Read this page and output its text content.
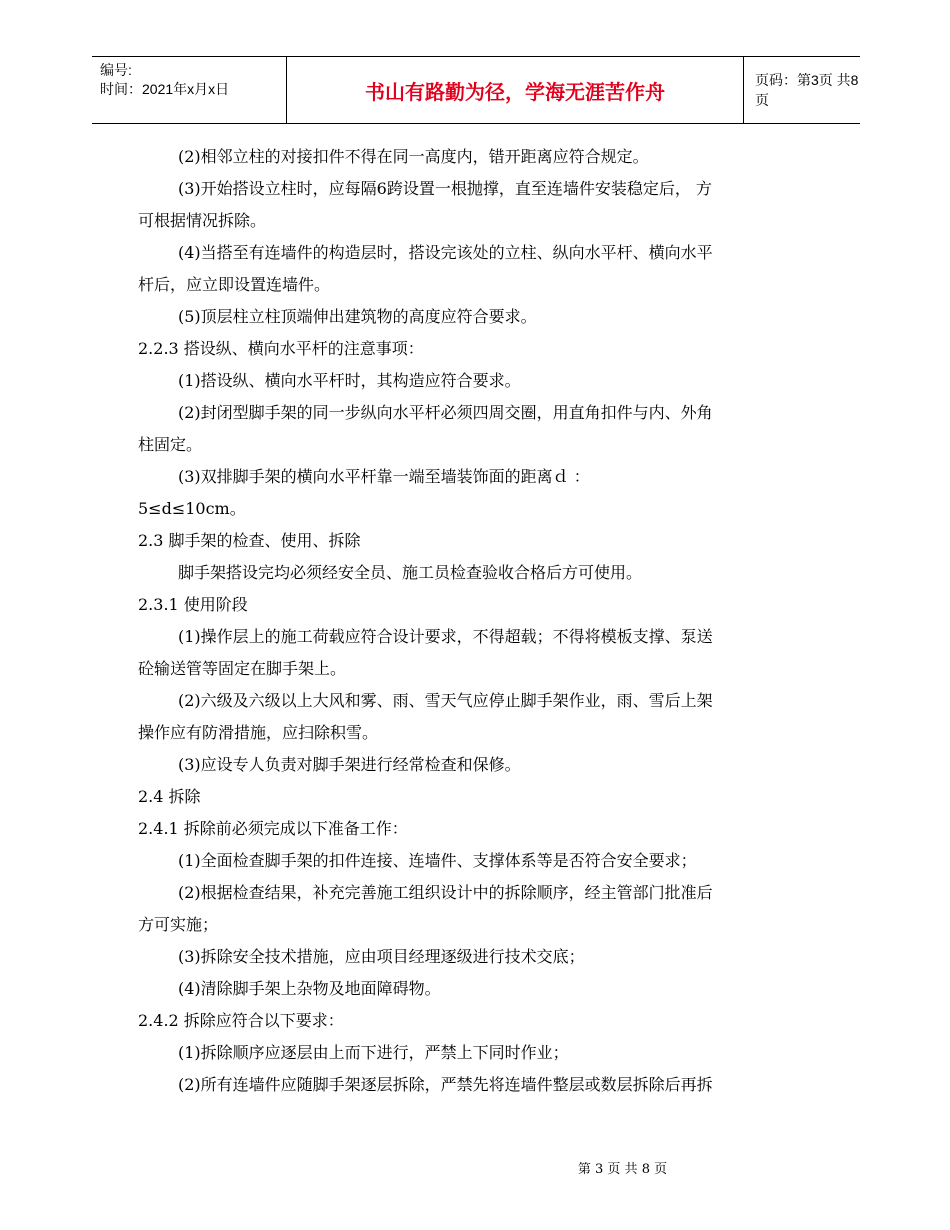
编号:
时间：2021年x月x日	书山有路勤为径，学海无涯苦作舟	页码：第3页 共8页
(2)相邻立柱的对接扣件不得在同一高度内，错开距离应符合规定。
(3)开始搭设立柱时，应每隔6跨设置一根抛撑，直至连墙件安装稳定后， 方
可根据情况拆除。
(4)当搭至有连墙件的构造层时，搭设完该处的立柱、纵向水平杆、横向水平
杆后，应立即设置连墙件。
(5)顶层柱立柱顶端伸出建筑物的高度应符合要求。
2.2.3 搭设纵、横向水平杆的注意事项：
(1)搭设纵、横向水平杆时，其构造应符合要求。
(2)封闭型脚手架的同一步纵向水平杆必须四周交圈，用直角扣件与内、外角
柱固定。
(3)双排脚手架的横向水平杆靠一端至墙装饰面的距离ｄ ：
5≤d≤10cm。
2.3 脚手架的检查、使用、拆除
脚手架搭设完均必须经安全员、施工员检查验收合格后方可使用。
2.3.1 使用阶段
(1)操作层上的施工荷载应符合设计要求，不得超载；不得将模板支撑、泵送
砼输送管等固定在脚手架上。
(2)六级及六级以上大风和雾、雨、雪天气应停止脚手架作业，雨、雪后上架
操作应有防滑措施，应扫除积雪。
(3)应设专人负责对脚手架进行经常检查和保修。
2.4 拆除
2.4.1 拆除前必须完成以下准备工作：
(1)全面检查脚手架的扣件连接、连墙件、支撑体系等是否符合安全要求；
(2)根据检查结果，补充完善施工组织设计中的拆除顺序，经主管部门批准后
方可实施；
(3)拆除安全技术措施，应由项目经理逐级进行技术交底；
(4)清除脚手架上杂物及地面障碍物。
2.4.2 拆除应符合以下要求：
(1)拆除顺序应逐层由上而下进行，严禁上下同时作业；
(2)所有连墙件应随脚手架逐层拆除，严禁先将连墙件整层或数层拆除后再拆
第 3 页 共 8 页
